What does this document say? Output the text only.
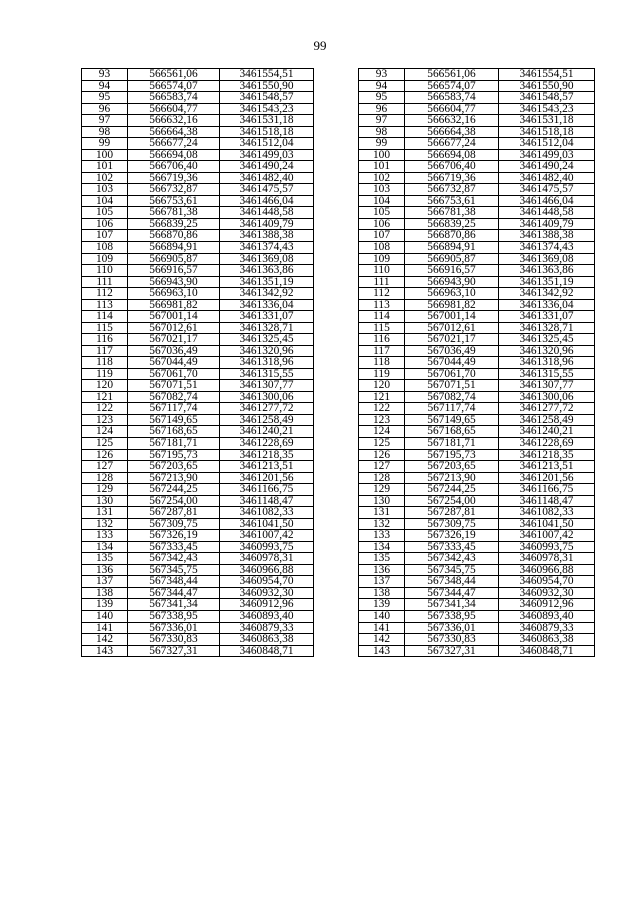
99
93	566561,06	3461554,51
94	566574,07	3461550,90
95	566583,74	3461548,57
96	566604,77	3461543,23
97	566632,16	3461531,18
98	566664,38	3461518,18
99	566677,24	3461512,04
100	566694,08	3461499,03
101	566706,40	3461490,24
102	566719,36	3461482,40
103	566732,87	3461475,57
104	566753,61	3461466,04
105	566781,38	3461448,58
106	566839,25	3461409,79
107	566870,86	3461388,38
108	566894,91	3461374,43
109	566905,87	3461369,08
110	566916,57	3461363,86
111	566943,90	3461351,19
112	566963,10	3461342,92
113	566981,82	3461336,04
114	567001,14	3461331,07
115	567012,61	3461328,71
116	567021,17	3461325,45
117	567036,49	3461320,96
118	567044,49	3461318,96
119	567061,70	3461315,55
120	567071,51	3461307,77
121	567082,74	3461300,06
122	567117,74	3461277,72
123	567149,65	3461258,49
124	567168,65	3461240,21
125	567181,71	3461228,69
126	567195,73	3461218,35
127	567203,65	3461213,51
128	567213,90	3461201,56
129	567244,25	3461166,75
130	567254,00	3461148,47
131	567287,81	3461082,33
132	567309,75	3461041,50
133	567326,19	3461007,42
134	567333,45	3460993,75
135	567342,43	3460978,31
136	567345,75	3460966,88
137	567348,44	3460954,70
138	567344,47	3460932,30
139	567341,34	3460912,96
140	567338,95	3460893,40
141	567336,01	3460879,33
142	567330,83	3460863,38
143	567327,31	3460848,71
93	566561,06	3461554,51
94	566574,07	3461550,90
95	566583,74	3461548,57
96	566604,77	3461543,23
97	566632,16	3461531,18
98	566664,38	3461518,18
99	566677,24	3461512,04
100	566694,08	3461499,03
101	566706,40	3461490,24
102	566719,36	3461482,40
103	566732,87	3461475,57
104	566753,61	3461466,04
105	566781,38	3461448,58
106	566839,25	3461409,79
107	566870,86	3461388,38
108	566894,91	3461374,43
109	566905,87	3461369,08
110	566916,57	3461363,86
111	566943,90	3461351,19
112	566963,10	3461342,92
113	566981,82	3461336,04
114	567001,14	3461331,07
115	567012,61	3461328,71
116	567021,17	3461325,45
117	567036,49	3461320,96
118	567044,49	3461318,96
119	567061,70	3461315,55
120	567071,51	3461307,77
121	567082,74	3461300,06
122	567117,74	3461277,72
123	567149,65	3461258,49
124	567168,65	3461240,21
125	567181,71	3461228,69
126	567195,73	3461218,35
127	567203,65	3461213,51
128	567213,90	3461201,56
129	567244,25	3461166,75
130	567254,00	3461148,47
131	567287,81	3461082,33
132	567309,75	3461041,50
133	567326,19	3461007,42
134	567333,45	3460993,75
135	567342,43	3460978,31
136	567345,75	3460966,88
137	567348,44	3460954,70
138	567344,47	3460932,30
139	567341,34	3460912,96
140	567338,95	3460893,40
141	567336,01	3460879,33
142	567330,83	3460863,38
143	567327,31	3460848,71
